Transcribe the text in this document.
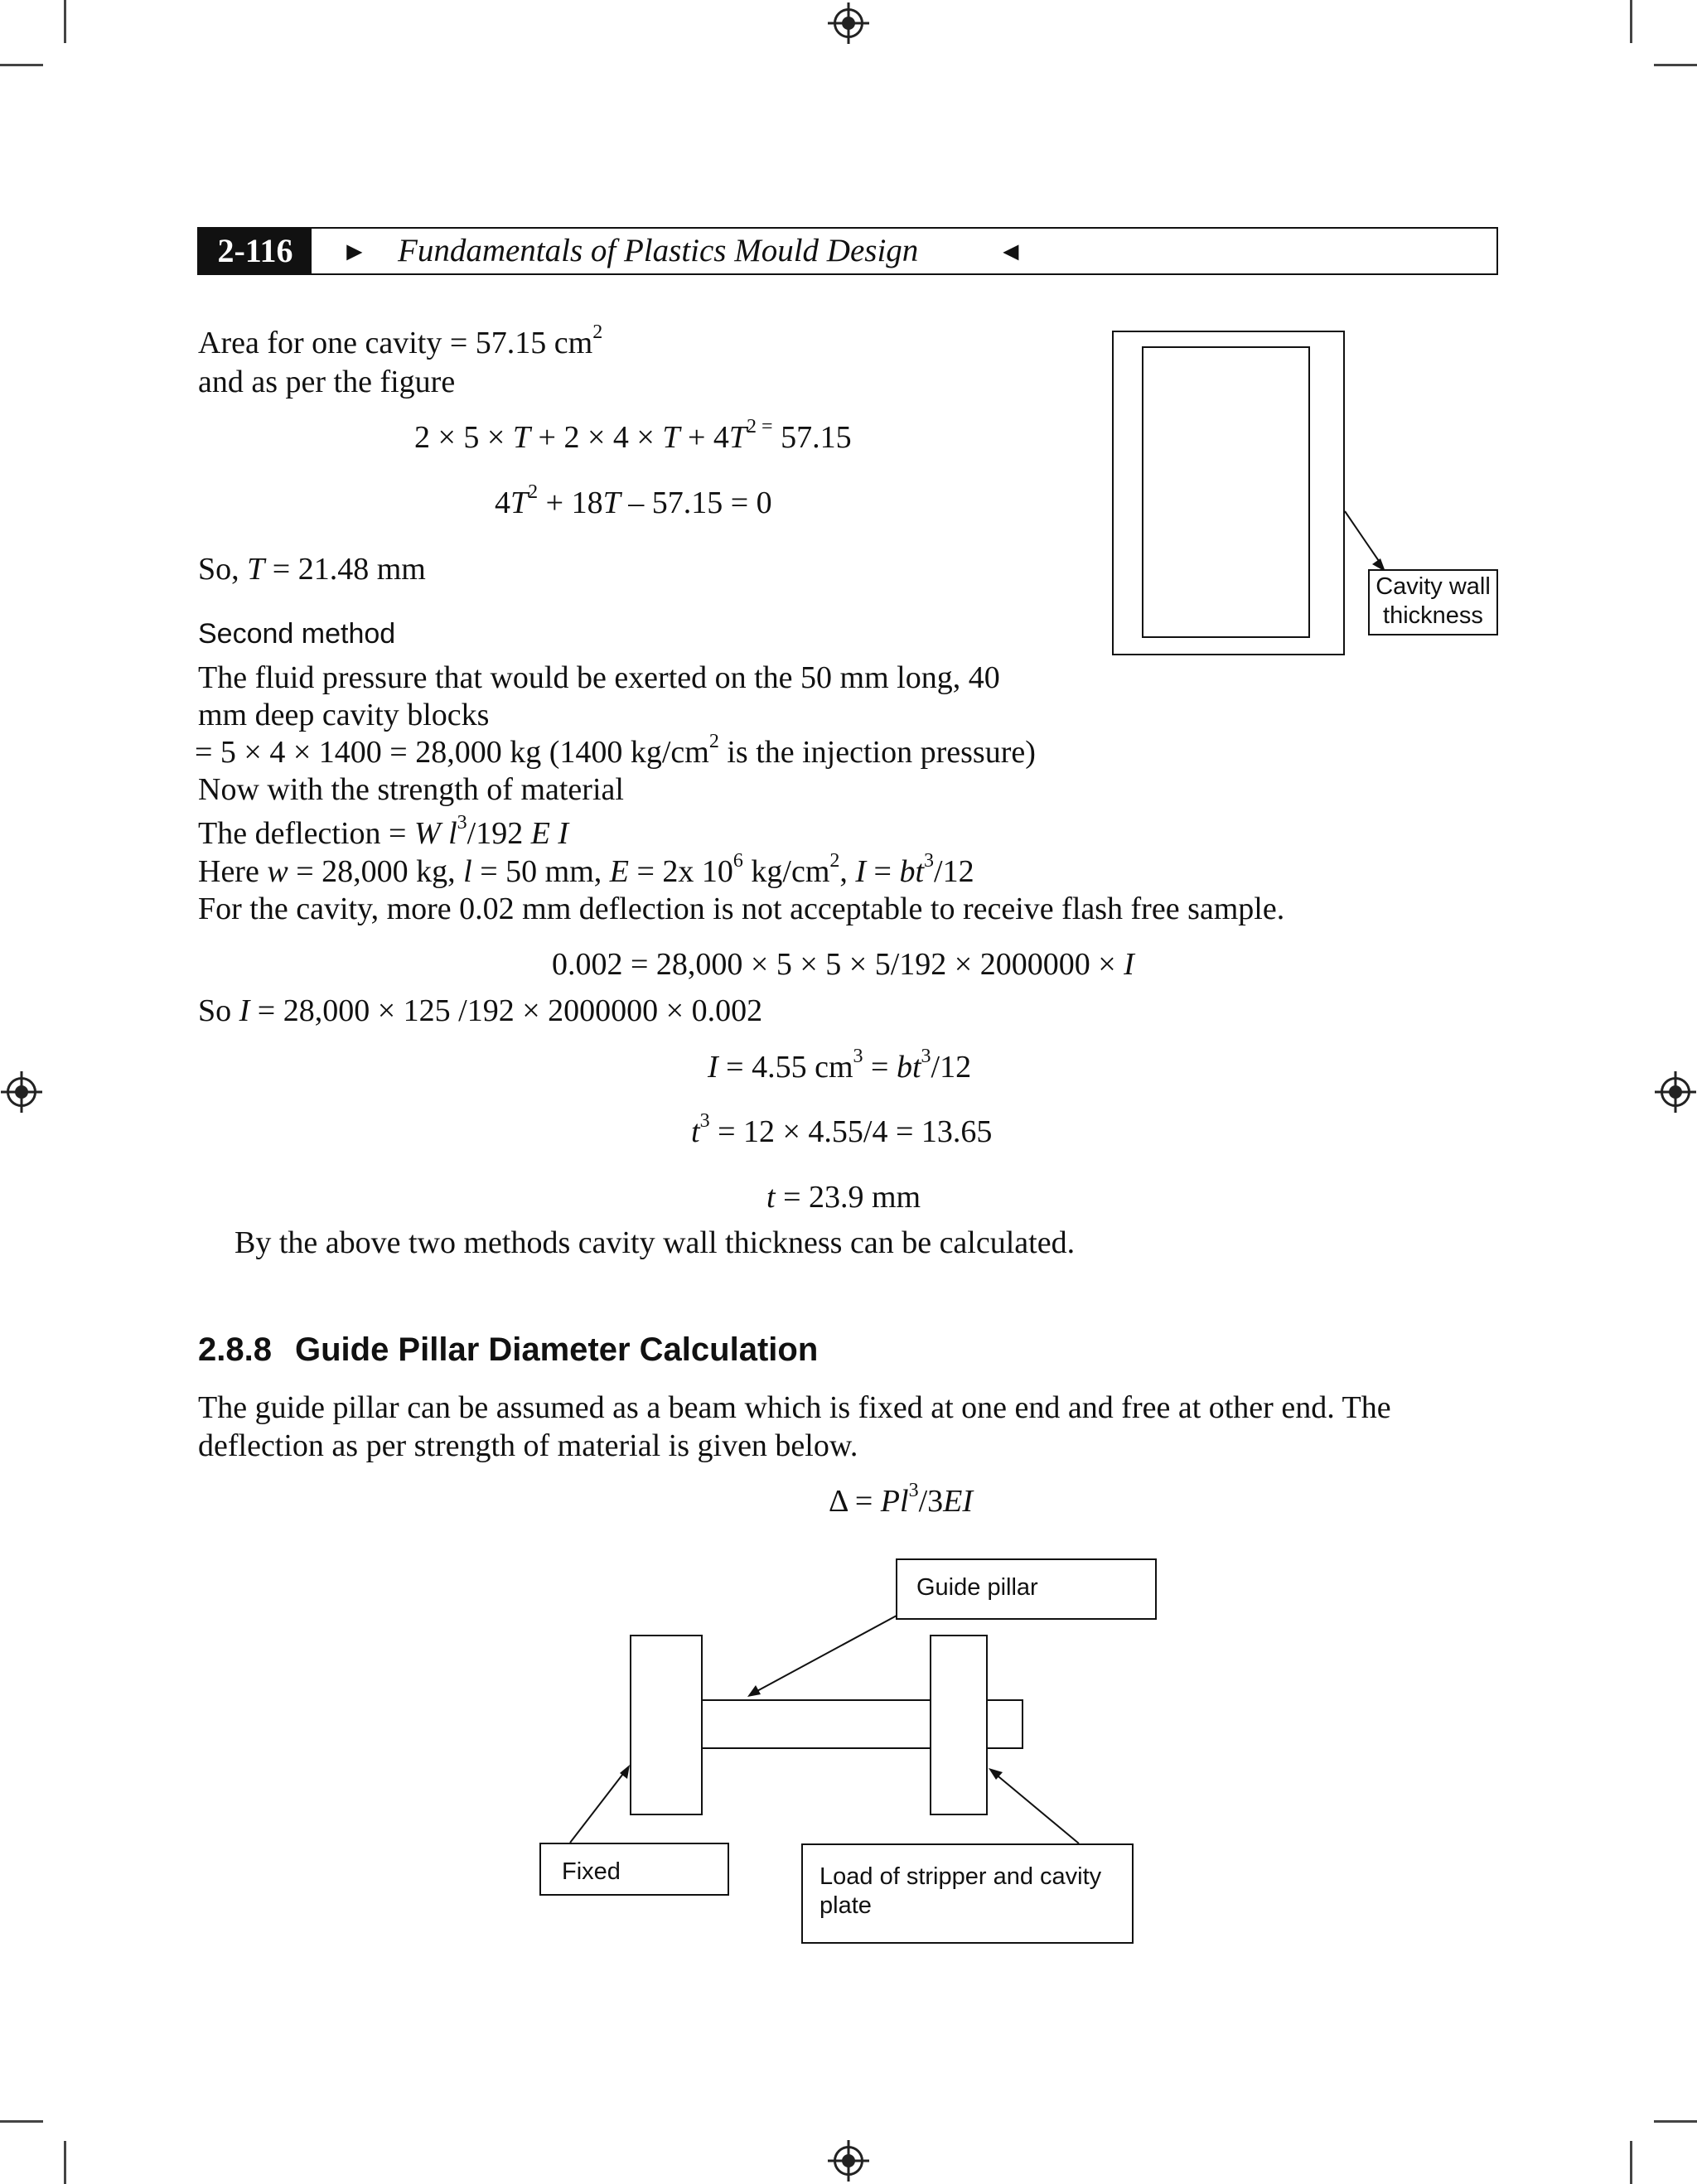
2-116	► Fundamentals of Plastics Mould Design	◄
Area for one cavity = 57.15 $cm^2$
and as per the figure
$2 \times 5 \times T + 2 \times 4 \times T + 4T^{2 =}$ 57.15
$4T^2 + 18T - 57.15 = 0$
So, T = 21.48 mm	Cavity wall
thickness
Second method
The fluid pressure that would be exerted on the 50 mm long, 40
mm deep cavity blocks
= 5 × 4 × 1400 = 28,000 kg (1400 $kg/cm^2$ is the injection pressure)
Now with the strength of material
The deflection = W $l^3/192$ E I
Here w = 28,000 kg, l = 50 mm, E = 2x $10^6$ $kg/cm^2$, $I = bt^3/12$
For the cavity, more 0.02 mm deflection is not acceptable to receive flash free sample.
0.002 = 28,000 × 5 × 5 × 5/192 × 2000000 × I
So I = 28,000 × 125 /192 × 2000000 × 0.002
I = 4.55 $cm^3 = bt^3/12$
$t^3 = 12 \times 4.55/4 = 13.65$
t = 23.9 mm
By the above two methods cavity wall thickness can be calculated.
2.8.8 Guide Pillar Diameter Calculation
The guide pillar can be assumed as a beam which is fixed at one end and free at other end. The
deflection as per strength of material is given below.
$\Delta = Pl^3/3EI$
Guide pillar
Fixed	Load of stripper and cavity
plate
